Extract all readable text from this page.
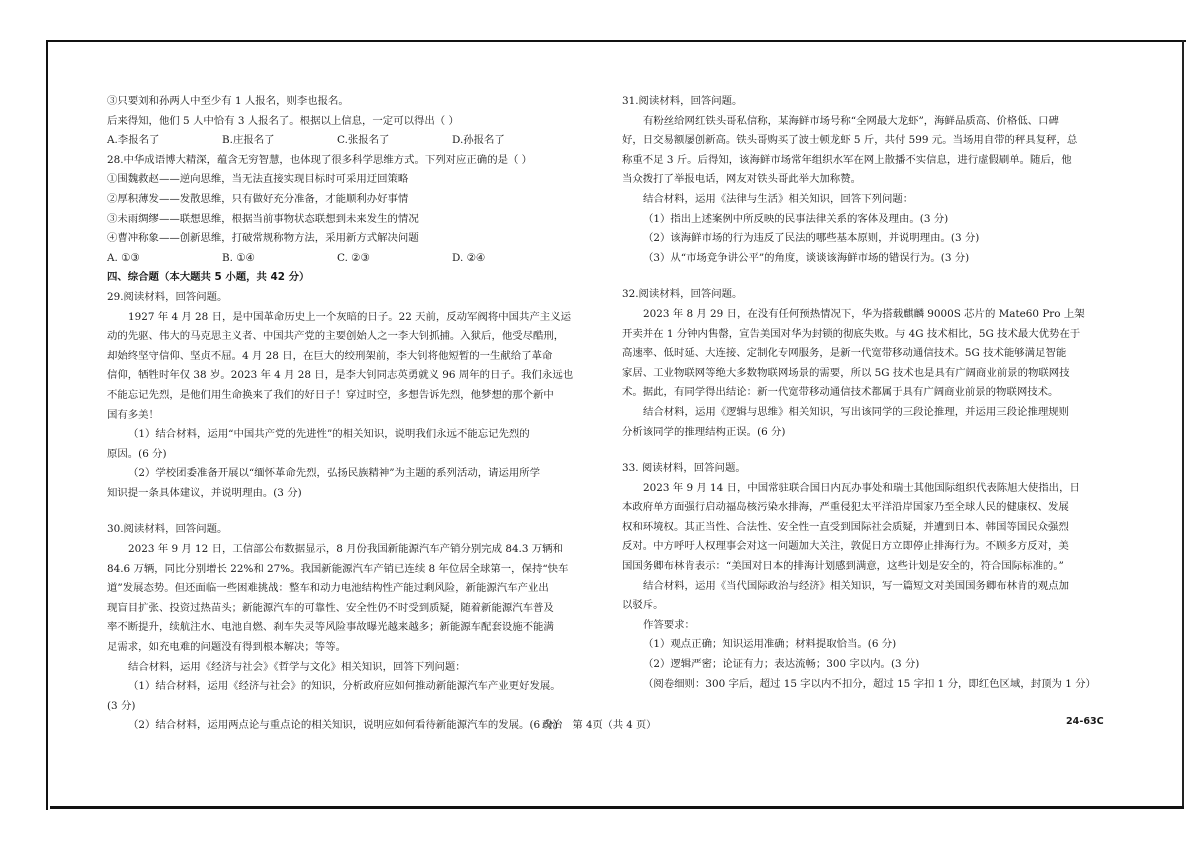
③只要刘和孙两人中至少有 1 人报名，则李也报名。
后来得知，他们 5 人中恰有 3 人报名了。根据以上信息，一定可以得出（ ）
A.李报名了	B.庄报名了	C.张报名了	D.孙报名了
28.中华成语博大精深，蕴含无穷智慧，也体现了很多科学思维方式。下列对应正确的是（ ）
①围魏救赵——逆向思维，当无法直接实现目标时可采用迂回策略
②厚积薄发——发散思维，只有做好充分准备，才能顺利办好事情
③未雨绸缪——联想思维，根据当前事物状态联想到未来发生的情况
④曹冲称象——创新思维，打破常规称物方法，采用新方式解决问题
A. ①③	B. ①④	C. ②③	D. ②④
四、综合题（本大题共 5 小题，共 42 分）
29.阅读材料，回答问题。
1927 年 4 月 28 日，是中国革命历史上一个灰暗的日子。22 天前，反动军阀将中国共产主义运
动的先驱、伟大的马克思主义者、中国共产党的主要创始人之一李大钊抓捕。入狱后，他受尽酷刑，
却始终坚守信仰、坚贞不屈。4 月 28 日，在巨大的绞刑架前，李大钊将他短暂的一生献给了革命
信仰，牺牲时年仅 38 岁。2023 年 4 月 28 日，是李大钊同志英勇就义 96 周年的日子。我们永远也
不能忘记先烈，是他们用生命换来了我们的好日子！穿过时空，多想告诉先烈，他梦想的那个新中
国有多美！
（1）结合材料，运用“中国共产党的先进性”的相关知识，说明我们永远不能忘记先烈的
原因。(6 分)
（2）学校团委准备开展以“缅怀革命先烈，弘扬民族精神”为主题的系列活动，请运用所学
知识提一条具体建议，并说明理由。(3 分)
30.阅读材料，回答问题。
2023 年 9 月 12 日，工信部公布数据显示，8 月份我国新能源汽车产销分别完成 84.3 万辆和
84.6 万辆，同比分别增长 22%和 27%。我国新能源汽车产销已连续 8 年位居全球第一，保持“快车
道”发展态势。但还面临一些困难挑战：整车和动力电池结构性产能过剩风险，新能源汽车产业出
现盲目扩张、投资过热苗头；新能源汽车的可靠性、安全性仍不时受到质疑，随着新能源汽车普及
率不断提升，续航注水、电池自燃、刹车失灵等风险事故曝光越来越多；新能源车配套设施不能满
足需求，如充电难的问题没有得到根本解决；等等。
结合材料，运用《经济与社会》《哲学与文化》相关知识，回答下列问题：
（1）结合材料，运用《经济与社会》的知识，分析政府应如何推动新能源汽车产业更好发展。
(3 分)
（2）结合材料，运用两点论与重点论的相关知识，说明应如何看待新能源汽车的发展。(6 分)
31.阅读材料，回答问题。
有粉丝给网红铁头哥私信称，某海鲜市场号称“全网最大龙虾”，海鲜品质高、价格低、口碑
好，日交易额屡创新高。铁头哥购买了波士顿龙虾 5 斤，共付 599 元。当场用自带的秤具复秤，总
称重不足 3 斤。后得知，该海鲜市场常年组织水军在网上散播不实信息，进行虚假刷单。随后，他
当众拨打了举报电话，网友对铁头哥此举大加称赞。
结合材料，运用《法律与生活》相关知识，回答下列问题：
（1）指出上述案例中所反映的民事法律关系的客体及理由。(3 分)
（2）该海鲜市场的行为违反了民法的哪些基本原则，并说明理由。(3 分)
（3）从“市场竞争讲公平”的角度，谈谈该海鲜市场的错误行为。(3 分)
32.阅读材料，回答问题。
2023 年 8 月 29 日，在没有任何预热情况下，华为搭载麒麟 9000S 芯片的 Mate60 Pro 上架
开卖并在 1 分钟内售罄，宣告美国对华为封锁的彻底失败。与 4G 技术相比，5G 技术最大优势在于
高速率、低时延、大连接、定制化专网服务，是新一代宽带移动通信技术。5G 技术能够满足智能
家居、工业物联网等绝大多数物联网场景的需要，所以 5G 技术也是具有广阔商业前景的物联网技
术。据此，有同学得出结论：新一代宽带移动通信技术都属于具有广阔商业前景的物联网技术。
结合材料，运用《逻辑与思维》相关知识，写出该同学的三段论推理，并运用三段论推理规则
分析该同学的推理结构正误。(6 分)
33. 阅读材料，回答问题。
2023 年 9 月 14 日，中国常驻联合国日内瓦办事处和瑞士其他国际组织代表陈旭大使指出，日
本政府单方面强行启动福岛核污染水排海，严重侵犯太平洋沿岸国家乃至全球人民的健康权、发展
权和环境权。其正当性、合法性、安全性一直受到国际社会质疑，并遭到日本、韩国等国民众强烈
反对。中方呼吁人权理事会对这一问题加大关注，敦促日方立即停止排海行为。不顾多方反对，美
国国务卿布林肯表示：“美国对日本的排海计划感到满意，这些计划是安全的，符合国际标准的。”
结合材料，运用《当代国际政治与经济》相关知识，写一篇短文对美国国务卿布林肯的观点加
以驳斥。
作答要求：
（1）观点正确；知识运用准确；材料提取恰当。(6 分)
（2）逻辑严密；论证有力；表达流畅；300 字以内。(3 分)
（阅卷细则：300 字后，超过 15 字以内不扣分，超过 15 字扣 1 分，即红色区域，封顶为 1 分）
政治　第 4页（共 4 页）	24-63C
